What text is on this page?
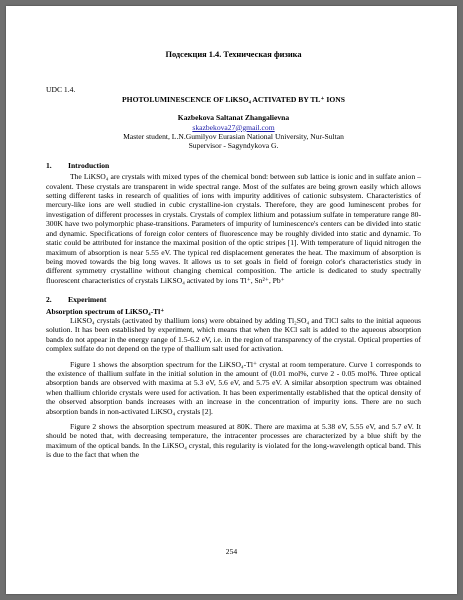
Подсекция 1.4. Техническая физика
UDC 1.4.
PHOTOLUMINESCENCE OF LiKSO₄ ACTIVATED BY TL⁺ IONS
Kazbekova Saltanat Zhangalievna
skazbekova27@gmail.com
Master student, L.N.Gumilyov Eurasian National University, Nur-Sultan
Supervisor - Sagyndykova G.
1. Introduction

The LiKSO₄ are crystals with mixed types of the chemical bond: between sub lattice is ionic and in sulfate anion – covalent. These crystals are transparent in wide spectral range. Most of the sulfates are being grown easily which allows setting different tasks in research of qualities of ions with impurity additives of cationic subsystem. Characteristics of mercury-like ions are well studied in cubic crystalline-ion crystals. Therefore, they are good luminescent probes for investigation of different processes in crystals. Crystals of complex lithium and potassium sulfate in temperature range 80-300K have two polymorphic phase-transitions. Parameters of impurity of luminescence's centers can be divided into static and dynamic. Specifications of foreign color centers of fluorescence may be roughly divided into static and dynamic. To static could be attributed for instance the maximal position of the optic stripes [1]. With temperature of liquid nitrogen the maximum of absorption is near 5.55 eV. The typical red displacement generates the heat. The maximum of absorption is being moved towards the big long waves. It allows us to set goals in field of foreign color's characteristics study in different symmetry crystalline without changing chemical composition. The article is dedicated to study spectrally fluorescent characteristics of crystals LiKSO₄ activated by ions Tl⁺, Sn²⁺, Pb⁺

2. Experiment
Absorption spectrum of LiKSO₄-Tl⁺

LiKSO₄ crystals (activated by thallium ions) were obtained by adding Tl₂SO₄ and TlCl salts to the initial aqueous solution. It has been established by experiment, which means that when the KCl salt is added to the aqueous absorption bands do not appear in the energy range of 1.5-6.2 eV, i.e. in the region of transparency of the crystal. Optical properties of complex sulfate do not depend on the type of thallium salt used for activation.

Figure 1 shows the absorption spectrum for the LiKSO₄-Tl⁺ crystal at room temperature. Curve 1 corresponds to the existence of thallium sulfate in the initial solution in the amount of (0.01 mol%, curve 2 - 0.05 mol%. Three optical absorption bands are observed with maxima at 5.3 eV, 5.6 eV, and 5.75 eV. A similar absorption spectrum was obtained when thallium chloride crystals were used for activation. It has been experimentally established that the optical density of the observed absorption bands increases with an increase in the concentration of impurity ions. There are no such absorption bands in non-activated LiKSO₄ crystals [2].

Figure 2 shows the absorption spectrum measured at 80K. There are maxima at 5.38 eV, 5.55 eV, and 5.7 eV. It should be noted that, with decreasing temperature, the intracenter processes are characterized by a blue shift by the maximum of the optical bands. In the LiKSO₄ crystal, this regularity is violated for the long-wavelength optical band. This is due to the fact that when the

254
